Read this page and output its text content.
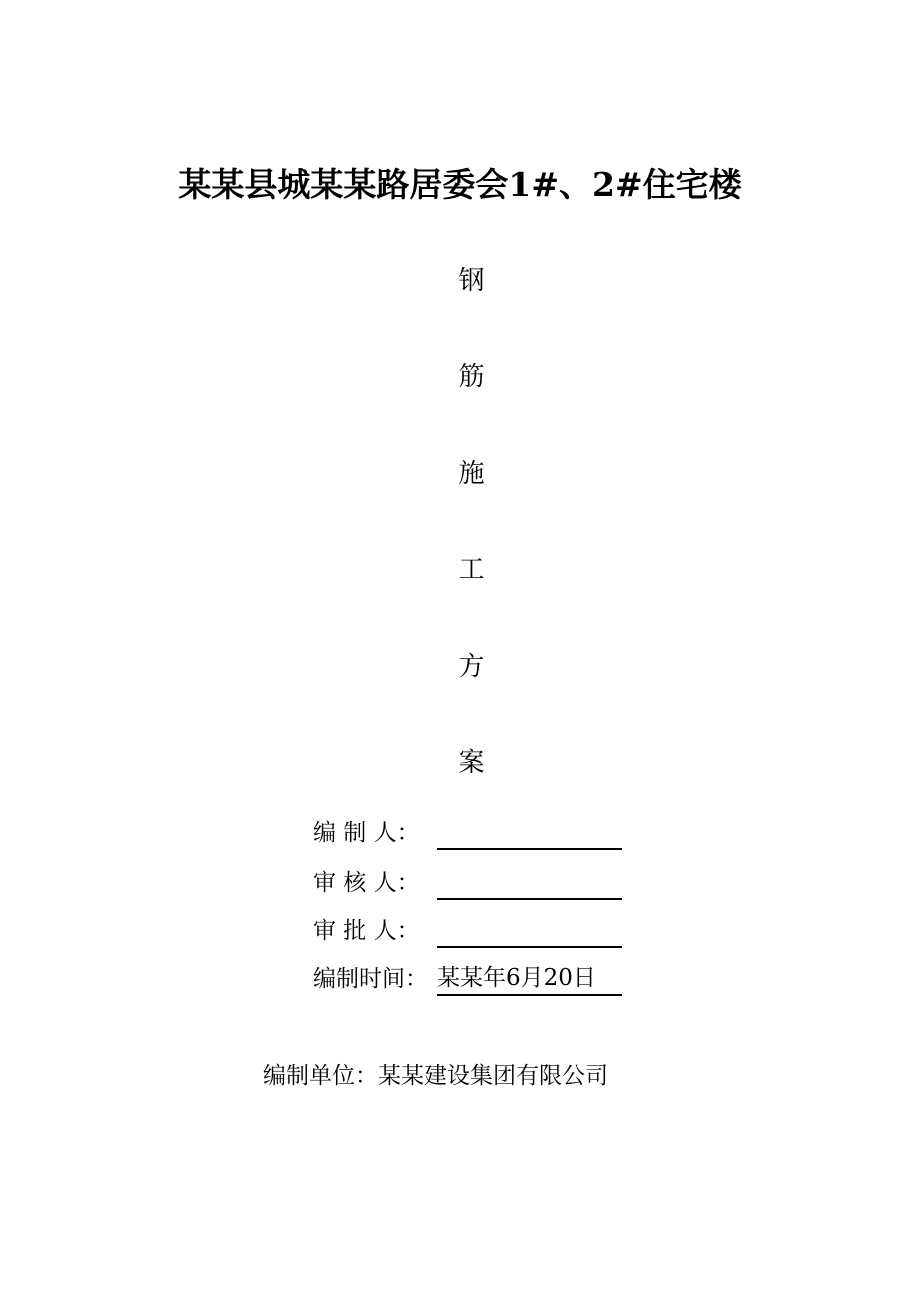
某某县城某某路居委会1#、2#住宅楼
钢
筋
施
工
方
案
编 制 人：
审 核 人：
审 批 人：
编制时间： 某某年6月20日
编制单位：某某建设集团有限公司
